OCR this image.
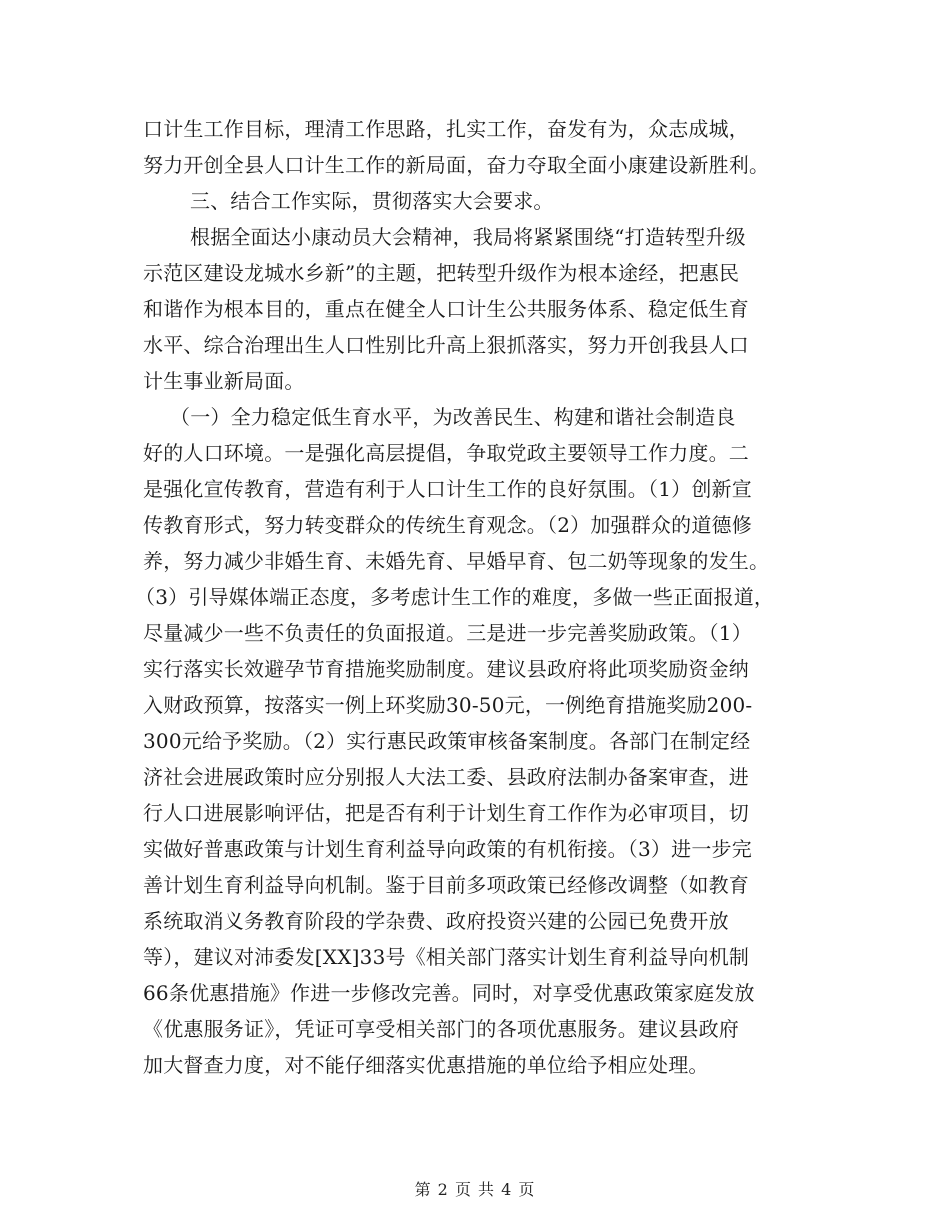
口计生工作目标，理清工作思路，扎实工作，奋发有为，众志成城，
努力开创全县人口计生工作的新局面，奋力夺取全面小康建设新胜利。
三、结合工作实际，贯彻落实大会要求。
根据全面达小康动员大会精神，我局将紧紧围绕“打造转型升级
示范区建设龙城水乡新”的主题，把转型升级作为根本途经，把惠民
和谐作为根本目的，重点在健全人口计生公共服务体系、稳定低生育
水平、综合治理出生人口性别比升高上狠抓落实，努力开创我县人口
计生事业新局面。
（一）全力稳定低生育水平，为改善民生、构建和谐社会制造良
好的人口环境。一是强化高层提倡，争取党政主要领导工作力度。二
是强化宣传教育，营造有利于人口计生工作的良好氛围。（1）创新宣
传教育形式，努力转变群众的传统生育观念。（2）加强群众的道德修
养，努力减少非婚生育、未婚先育、早婚早育、包二奶等现象的发生。
（3）引导媒体端正态度，多考虑计生工作的难度，多做一些正面报道，
尽量减少一些不负责任的负面报道。三是进一步完善奖励政策。（1）
实行落实长效避孕节育措施奖励制度。建议县政府将此项奖励资金纳
入财政预算，按落实一例上环奖励30-50元，一例绝育措施奖励200-
300元给予奖励。（2）实行惠民政策审核备案制度。各部门在制定经
济社会进展政策时应分别报人大法工委、县政府法制办备案审查，进
行人口进展影响评估，把是否有利于计划生育工作作为必审项目，切
实做好普惠政策与计划生育利益导向政策的有机衔接。（3）进一步完
善计划生育利益导向机制。鉴于目前多项政策已经修改调整（如教育
系统取消义务教育阶段的学杂费、政府投资兴建的公园已免费开放
等），建议对沛委发[XX]33号《相关部门落实计划生育利益导向机制
66条优惠措施》作进一步修改完善。同时，对享受优惠政策家庭发放
《优惠服务证》，凭证可享受相关部门的各项优惠服务。建议县政府
加大督查力度，对不能仔细落实优惠措施的单位给予相应处理。
第 2 页 共 4 页
